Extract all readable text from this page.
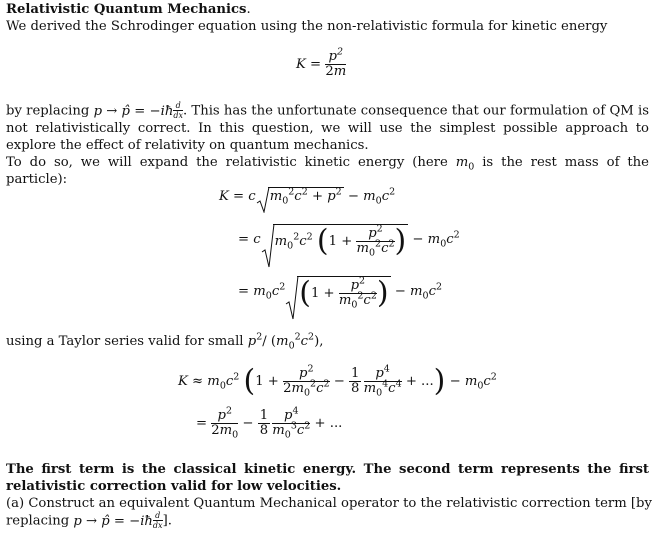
Relativistic Quantum Mechanics.

We derived the Schrodinger equation using the non-relativistic formula for kinetic energy

$K = \frac{p^2}{2m}$

by replacing p → p̂ = −iħ $\frac{d}{dx}$ . This has the unfortunate consequence that our formulation of QM is not relativistically correct. In this question, we will use the simplest possible approach to explore the effect of relativity on quantum mechanics.

To do so, we will expand the relativistic kinetic energy (here $m_0$ is the rest mass of the particle):

K = c $m_0^2c^2 + p^2 - m_0c^2$
= c $m_0^2c^2$ ($1 + \frac{p^2}{m_0^2c^2}$ ) − $m_0c^2$
= $m_0c^2$ ($1 + \frac{p^2}{m_0^2c^2}$ ) − $m_0c^2$

using a Taylor series valid for small $p^2/$ $(m_0^2c^2)$,

$K \approx m_0c^2$ ($1 + \frac{p^2}{2m_0^2c^2} - \frac{1}{8}$
$\frac{p^4}{m_0^4c^4}$ + ...) − $m_0c^2$
= $\frac{p^2}{2m_0} - \frac{1}{8}$
$\frac{p^4}{m_0^3c^2}$ + ...

The first term is the classical kinetic energy. The second term represents the first relativistic correction valid for low velocities.

(a) Construct an equivalent Quantum Mechanical operator to the relativistic correction term [by

replacing p → p̂ = −iħ $\frac{d}{dx}$ ].
